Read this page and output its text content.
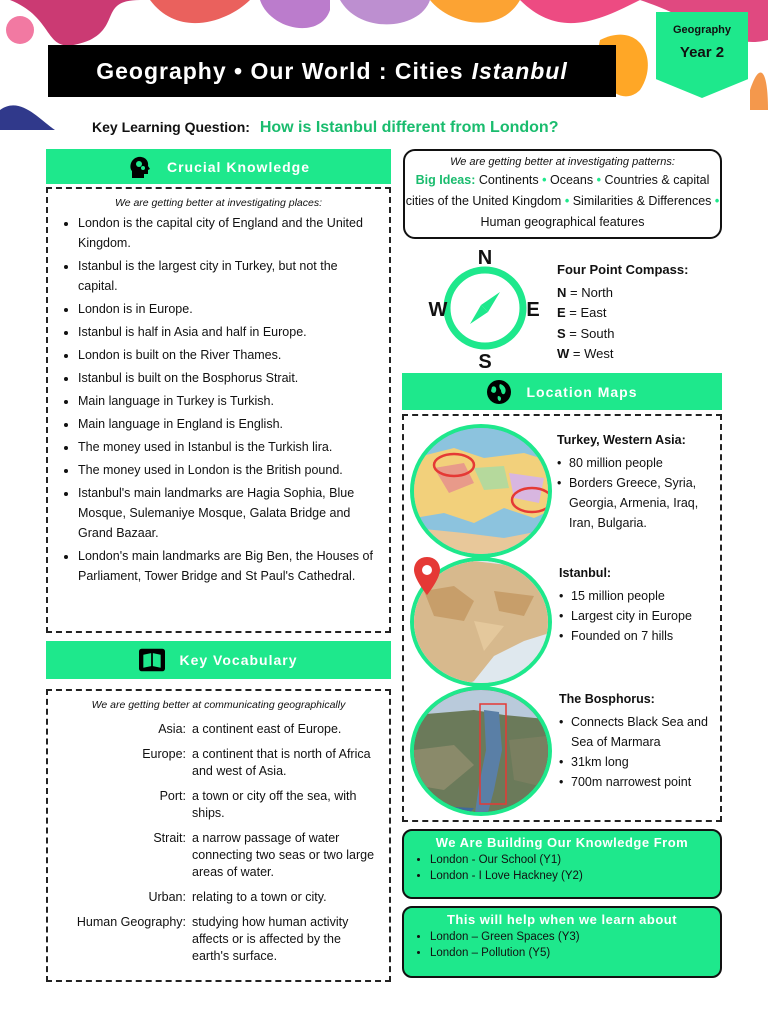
Geography • Our World : Cities Istanbul
Geography
Year 2
Key Learning Question: How is Istanbul different from London?
Crucial Knowledge
We are getting better at investigating places:
• London is the capital city of England and the United Kingdom.
• Istanbul is the largest city in Turkey, but not the capital.
• London is in Europe.
• Istanbul is half in Asia and half in Europe.
• London is built on the River Thames.
• Istanbul is built on the Bosphorus Strait.
• Main language in Turkey is Turkish.
• Main language in England is English.
• The money used in Istanbul is the Turkish lira.
• The money used in London is the British pound.
• Istanbul's main landmarks are Hagia Sophia, Blue Mosque, Sulemaniye Mosque, Galata Bridge and Grand Bazaar.
• London's main landmarks are Big Ben, the Houses of Parliament, Tower Bridge and St Paul's Cathedral.
Key Vocabulary
We are getting better at communicating geographically
Asia: a continent east of Europe.
Europe: a continent that is north of Africa and west of Asia.
Port: a town or city off the sea, with ships.
Strait: a narrow passage of water connecting two seas or two large areas of water.
Urban: relating to a town or city.
Human Geography: studying how human activity affects or is affected by the earth's surface.
We are getting better at investigating patterns:
Big Ideas: Continents • Oceans • Countries & capital cities of the United Kingdom • Similarities & Differences • Human geographical features
N
S
W	E
Four Point Compass:
N = North
E = East
S = South
W = West
Location Maps
Turkey, Western Asia:
• 80 million people
• Borders Greece, Syria, Georgia, Armenia, Iraq, Iran, Bulgaria.
Istanbul:
• 15 million people
• Largest city in Europe
• Founded on 7 hills
The Bosphorus:
• Connects Black Sea and Sea of Marmara
• 31km long
• 700m narrowest point
We Are Building Our Knowledge From
• London - Our School (Y1)
• London - I Love Hackney (Y2)
This will help when we learn about
• London – Green Spaces (Y3)
• London – Pollution (Y5)
